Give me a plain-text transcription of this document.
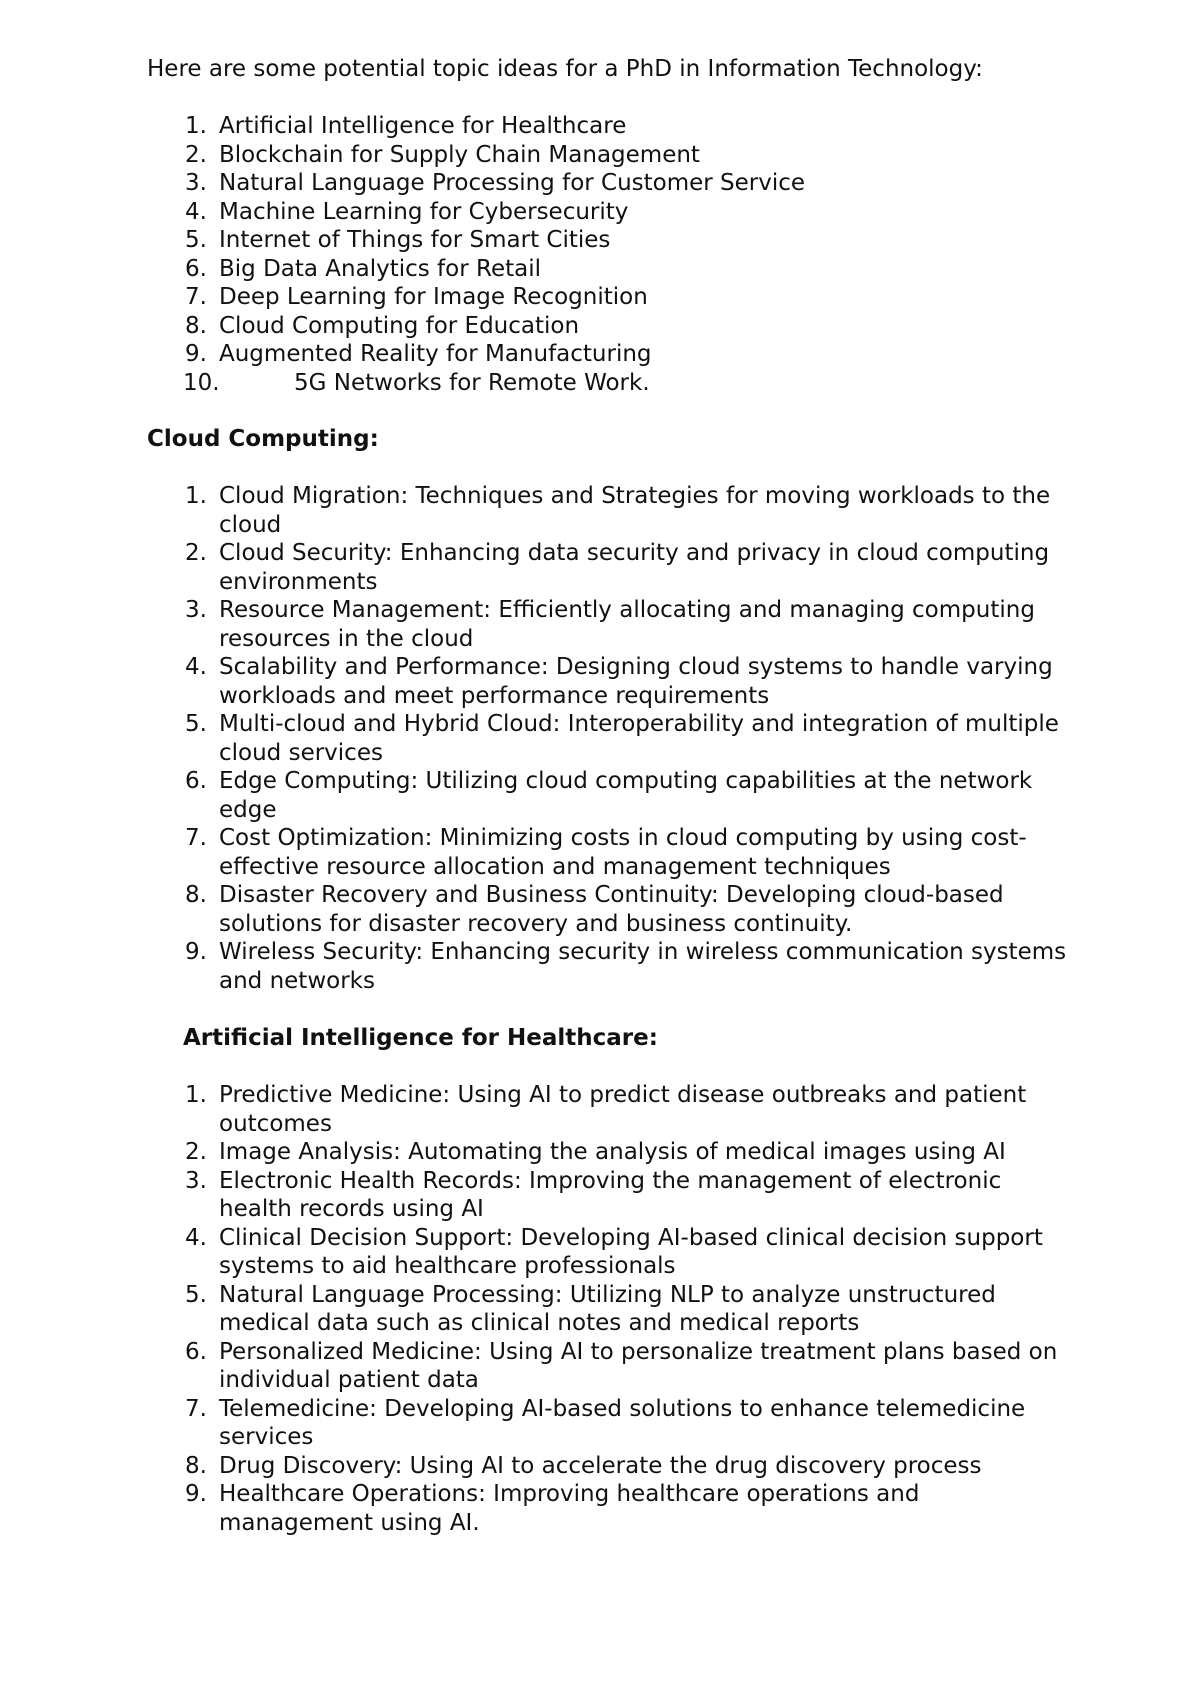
Here are some potential topic ideas for a PhD in Information Technology:
1. Artificial Intelligence for Healthcare
2. Blockchain for Supply Chain Management
3. Natural Language Processing for Customer Service
4. Machine Learning for Cybersecurity
5. Internet of Things for Smart Cities
6. Big Data Analytics for Retail
7. Deep Learning for Image Recognition
8. Cloud Computing for Education
9. Augmented Reality for Manufacturing
10.	5G Networks for Remote Work.
Cloud Computing:
1. Cloud Migration: Techniques and Strategies for moving workloads to the cloud
2. Cloud Security: Enhancing data security and privacy in cloud computing environments
3. Resource Management: Efficiently allocating and managing computing resources in the cloud
4. Scalability and Performance: Designing cloud systems to handle varying workloads and meet performance requirements
5. Multi-cloud and Hybrid Cloud: Interoperability and integration of multiple cloud services
6. Edge Computing: Utilizing cloud computing capabilities at the network edge
7. Cost Optimization: Minimizing costs in cloud computing by using cost-effective resource allocation and management techniques
8. Disaster Recovery and Business Continuity: Developing cloud-based solutions for disaster recovery and business continuity.
9. Wireless Security: Enhancing security in wireless communication systems and networks
Artificial Intelligence for Healthcare:
1. Predictive Medicine: Using AI to predict disease outbreaks and patient outcomes
2. Image Analysis: Automating the analysis of medical images using AI
3. Electronic Health Records: Improving the management of electronic health records using AI
4. Clinical Decision Support: Developing AI-based clinical decision support systems to aid healthcare professionals
5. Natural Language Processing: Utilizing NLP to analyze unstructured medical data such as clinical notes and medical reports
6. Personalized Medicine: Using AI to personalize treatment plans based on individual patient data
7. Telemedicine: Developing AI-based solutions to enhance telemedicine services
8. Drug Discovery: Using AI to accelerate the drug discovery process
9. Healthcare Operations: Improving healthcare operations and management using AI.
